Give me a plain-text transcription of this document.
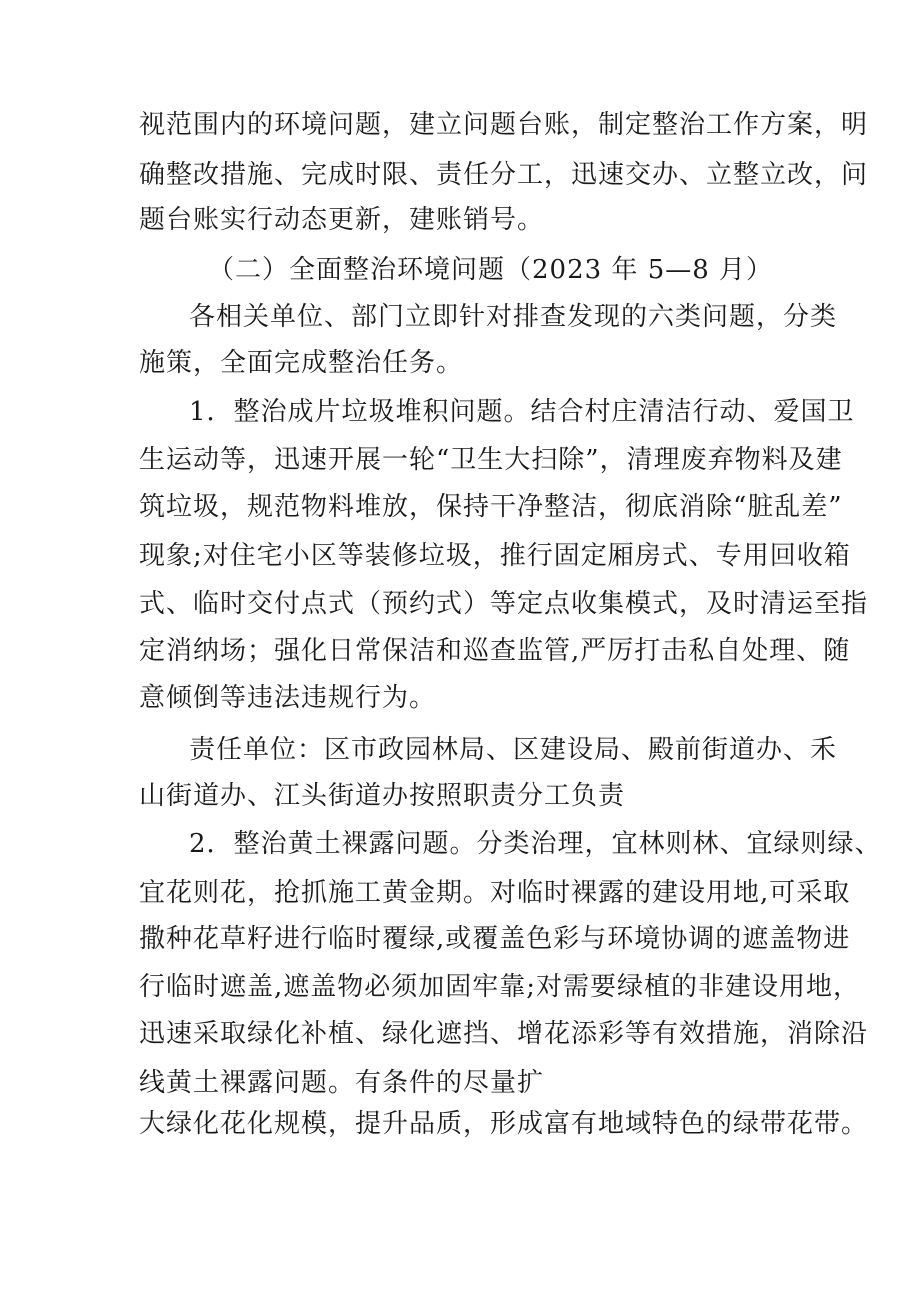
视范围内的环境问题，建立问题台账，制定整治工作方案，明
确整改措施、完成时限、责任分工，迅速交办、立整立改，问
题台账实行动态更新，建账销号。
（二）全面整治环境问题（2023 年 5—8 月）
各相关单位、部门立即针对排查发现的六类问题，分类
施策，全面完成整治任务。
1．整治成片垃圾堆积问题。结合村庄清洁行动、爱国卫
生运动等，迅速开展一轮“卫生大扫除”，清理废弃物料及建
筑垃圾，规范物料堆放，保持干净整洁，彻底消除“脏乱差”
现象;对住宅小区等装修垃圾，推行固定厢房式、专用回收箱
式、临时交付点式（预约式）等定点收集模式，及时清运至指
定消纳场；强化日常保洁和巡查监管,严厉打击私自处理、随
意倾倒等违法违规行为。
责任单位：区市政园林局、区建设局、殿前街道办、禾
山街道办、江头街道办按照职责分工负责
2．整治黄土裸露问题。分类治理，宜林则林、宜绿则绿、
宜花则花，抢抓施工黄金期。对临时裸露的建设用地,可采取
撒种花草籽进行临时覆绿,或覆盖色彩与环境协调的遮盖物进
行临时遮盖,遮盖物必须加固牢靠;对需要绿植的非建设用地，
迅速采取绿化补植、绿化遮挡、增花添彩等有效措施，消除沿
线黄土裸露问题。有条件的尽量扩
大绿化花化规模，提升品质，形成富有地域特色的绿带花带。
